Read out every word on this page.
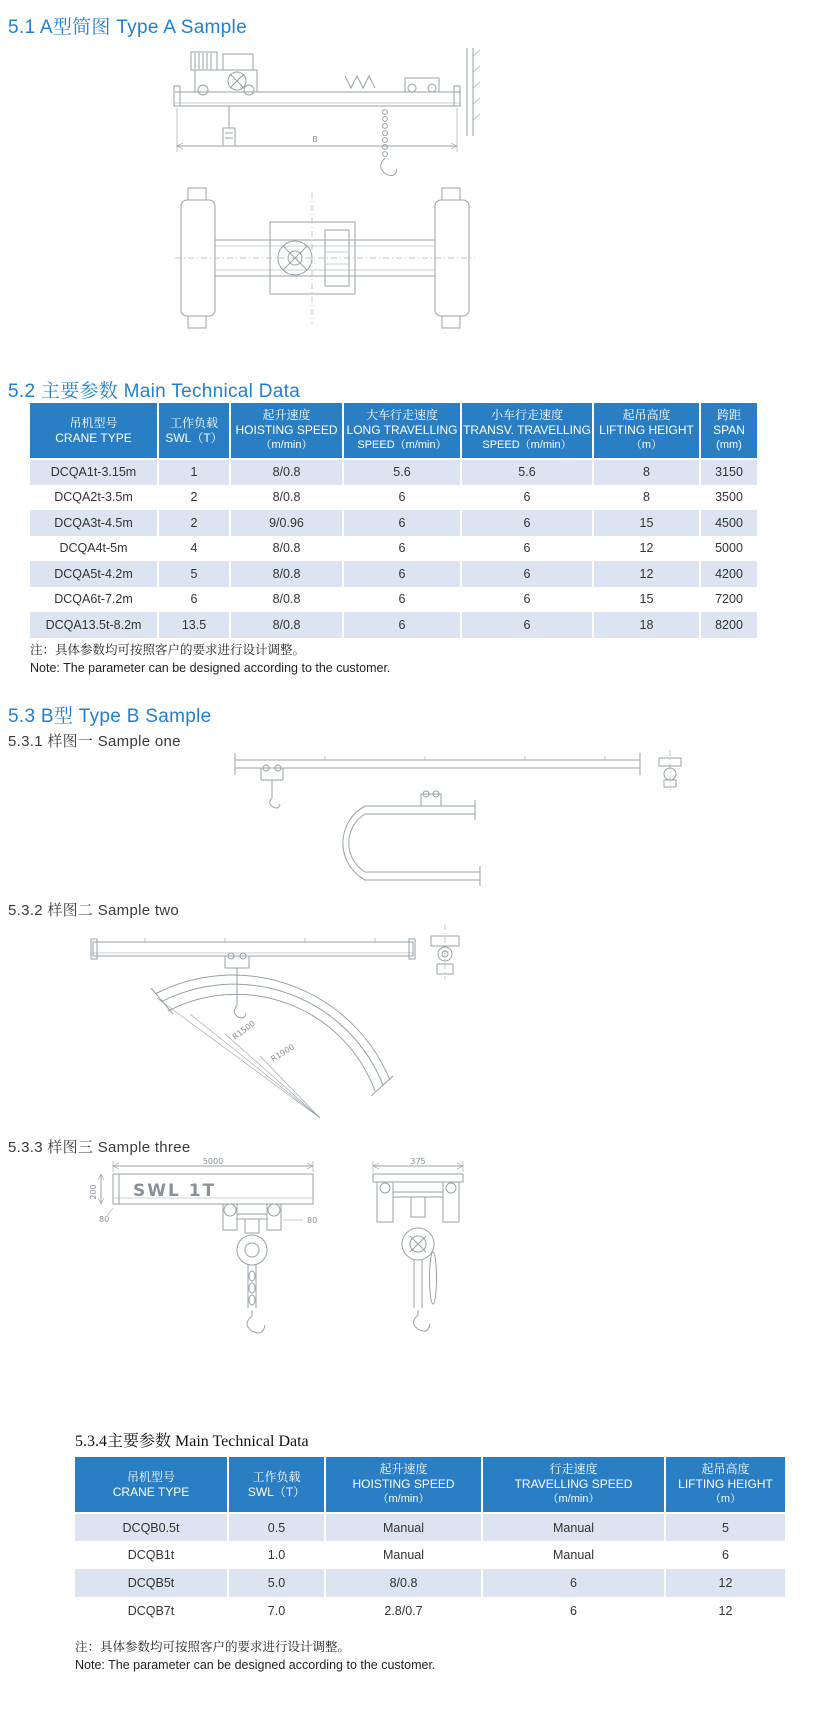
5.1 A型简图 Type A Sample
B
5.2 主要参数 Main Technical Data
吊机型号
CRANE TYPE

工作负载
SWL（T）

起升速度
HOISTING SPEED
（m/min）

大车行走速度
LONG TRAVELLING
SPEED（m/min）

小车行走速度
TRANSV. TRAVELLING
SPEED（m/min）

起吊高度
LIFTING HEIGHT
（m）

跨距
SPAN
(mm)

DCQA1t-3.15m	1	8/0.8	5.6	5.6	8	3150
DCQA2t-3.5m	2	8/0.8	6	6	8	3500
DCQA3t-4.5m	2	9/0.96	6	6	15	4500
DCQA4t-5m	4	8/0.8	6	6	12	5000
DCQA5t-4.2m	5	8/0.8	6	6	12	4200
DCQA6t-7.2m	6	8/0.8	6	6	15	7200
DCQA13.5t-8.2m	13.5	8/0.8	6	6	18	8200
注：具体参数均可按照客户的要求进行设计调整。
Note: The parameter can be designed according to the customer.
5.3 B型 Type B Sample
5.3.1 样图一 Sample one
5.3.2 样图二 Sample two
R1500
R1900
5.3.3 样图三 Sample three
5000
SWL 1T
200
80	80
375
5.3.4主要参数 Main Technical Data
吊机型号
CRANE TYPE

工作负载
SWL（T）

起升速度
HOISTING SPEED
（m/min）

行走速度
TRAVELLING SPEED
（m/min）

起吊高度
LIFTING HEIGHT
（m）

DCQB0.5t	0.5	Manual	Manual	5
DCQB1t	1.0	Manual	Manual	6
DCQB5t	5.0	8/0.8	6	12
DCQB7t	7.0	2.8/0.7	6	12
注：具体参数均可按照客户的要求进行设计调整。
Note: The parameter can be designed according to the customer.
